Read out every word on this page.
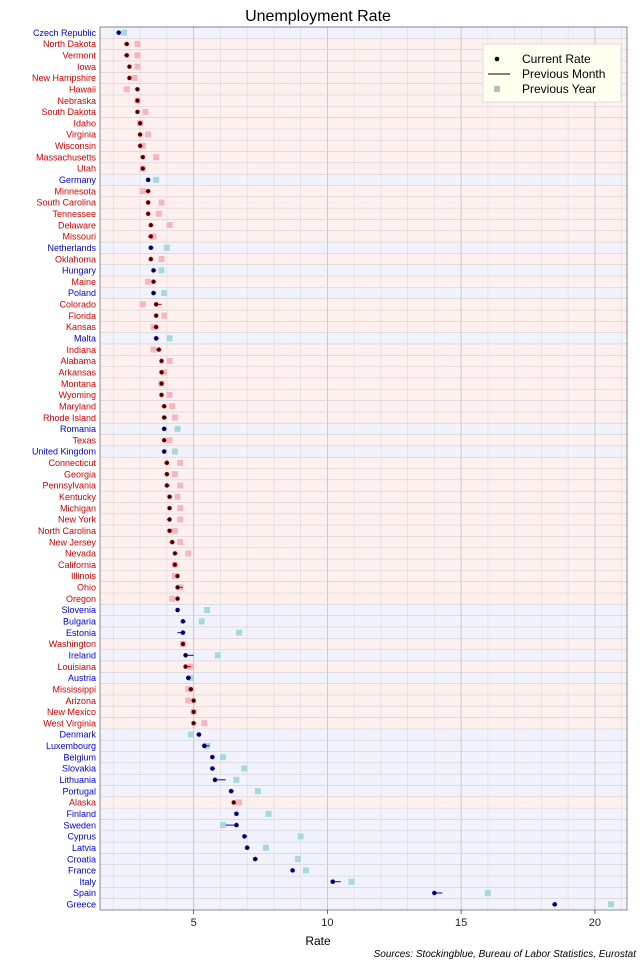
Unemployment Rate
Czech Republic
North Dakota
Vermont
Iowa
New Hampshire
Hawaii
Nebraska
South Dakota
Idaho
Virginia
Wisconsin
Massachusetts
Utah
Germany
Minnesota
South Carolina
Tennessee
Delaware
Missouri
Netherlands
Oklahoma
Hungary
Maine
Poland
Colorado
Florida
Kansas
Malta
Indiana
Alabama
Arkansas
Montana
Wyoming
Maryland
Rhode Island
Romania
Texas
United Kingdom
Connecticut
Georgia
Pennsylvania
Kentucky
Michigan
New York
North Carolina
New Jersey
Nevada
California
Illinois
Ohio
Oregon
Slovenia
Bulgaria
Estonia
Washington
Ireland
Louisiana
Austria
Mississippi
Arizona
New Mexico
West Virginia
Denmark
Luxembourg
Belgium
Slovakia
Lithuania
Portugal
Alaska
Finland
Sweden
Cyprus
Latvia
Croatia
France
Italy
Spain
Greece
5	10	15	20
Rate
Current Rate
Previous Month
Previous Year
Sources: Stockingblue, Bureau of Labor Statistics, Eurostat
